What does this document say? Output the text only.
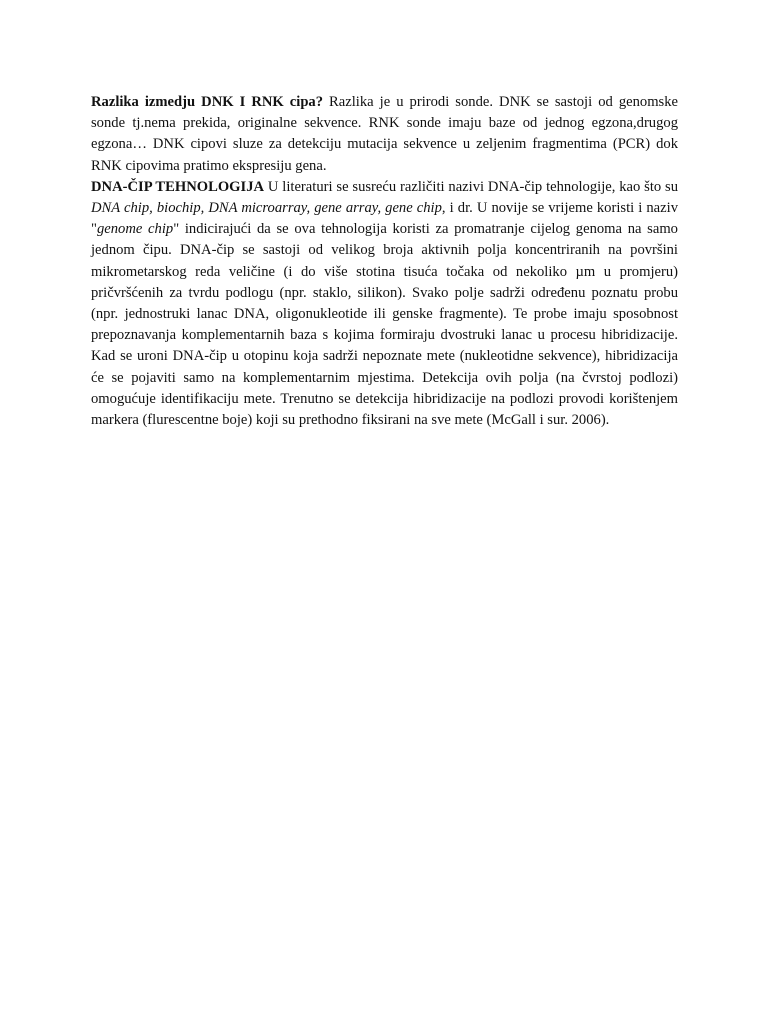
Razlika izmedju DNK I RNK cipa? Razlika je u prirodi sonde. DNK se sastoji od genomske sonde tj.nema prekida, originalne sekvence. RNK sonde imaju baze od jednog egzona,drugog egzona… DNK cipovi sluze za detekciju mutacija sekvence u zeljenim fragmentima (PCR) dok RNK cipovima pratimo ekspresiju gena.

DNA-ČIP TEHNOLOGIJA U literaturi se susreću različiti nazivi DNA-čip tehnologije, kao što su DNA chip, biochip, DNA microarray, gene array, gene chip, i dr. U novije se vrijeme koristi i naziv "genome chip" indicirajući da se ova tehnologija koristi za promatranje cijelog genoma na samo jednom čipu. DNA-čip se sastoji od velikog broja aktivnih polja koncentriranih na površini mikrometarskog reda veličine (i do više stotina tisuća točaka od nekoliko µm u promjeru) pričvršćenih za tvrdu podlogu (npr. staklo, silikon). Svako polje sadrži određenu poznatu probu (npr. jednostruki lanac DNA, oligonukleotide ili genske fragmente). Te probe imaju sposobnost prepoznavanja komplementarnih baza s kojima formiraju dvostruki lanac u procesu hibridizacije. Kad se uroni DNA-čip u otopinu koja sadrži nepoznate mete (nukleotidne sekvence), hibridizacija će se pojaviti samo na komplementarnim mjestima. Detekcija ovih polja (na čvrstoj podlozi) omogućuje identifikaciju mete. Trenutno se detekcija hibridizacije na podlozi provodi korištenjem markera (flurescentne boje) koji su prethodno fiksirani na sve mete (McGall i sur. 2006).
